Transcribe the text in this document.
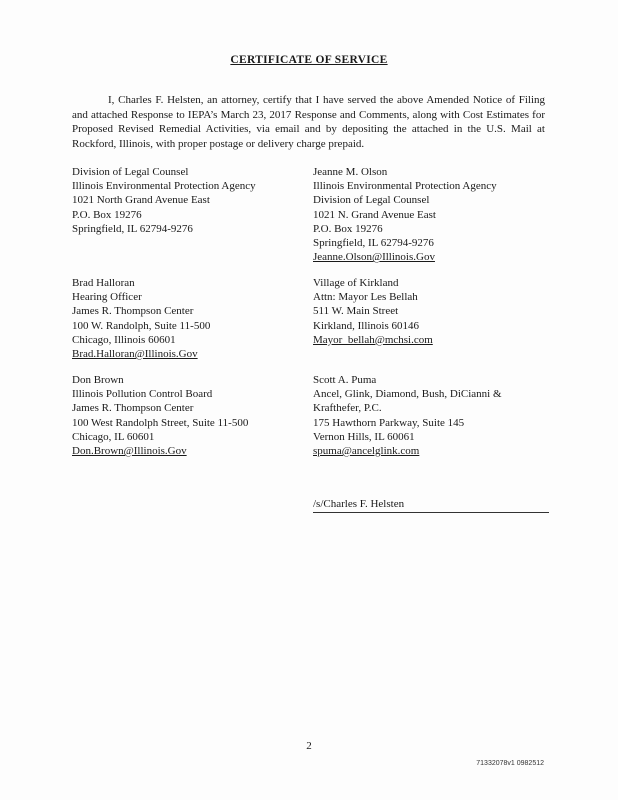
CERTIFICATE OF SERVICE

I, Charles F. Helsten, an attorney, certify that I have served the above Amended Notice of Filing and attached Response to IEPA’s March 23, 2017 Response and Comments, along with Cost Estimates for Proposed Revised Remedial Activities, via email and by depositing the attached in the U.S. Mail at Rockford, Illinois, with proper postage or delivery charge prepaid.

Division of Legal Counsel
Illinois Environmental Protection Agency
1021 North Grand Avenue East
P.O. Box 19276
Springfield, IL 62794-9276
Jeanne M. Olson
Illinois Environmental Protection Agency
Division of Legal Counsel
1021 N. Grand Avenue East
P.O. Box 19276
Springfield, IL 62794-9276
Jeanne.Olson@Illinois.Gov
Brad Halloran
Hearing Officer
James R. Thompson Center
100 W. Randolph, Suite 11-500
Chicago, Illinois 60601
Brad.Halloran@Illinois.Gov
Village of Kirkland
Attn: Mayor Les Bellah
511 W. Main Street
Kirkland, Illinois 60146
Mayor_bellah@mchsi.com
Don Brown
Illinois Pollution Control Board
James R. Thompson Center
100 West Randolph Street, Suite 11-500
Chicago, IL 60601
Don.Brown@Illinois.Gov
Scott A. Puma
Ancel, Glink, Diamond, Bush, DiCianni &
Krafthefer, P.C.
175 Hawthorn Parkway, Suite 145
Vernon Hills, IL 60061
spuma@ancelglink.com
/s/Charles F. Helsten
2
71332078v1 0982512
